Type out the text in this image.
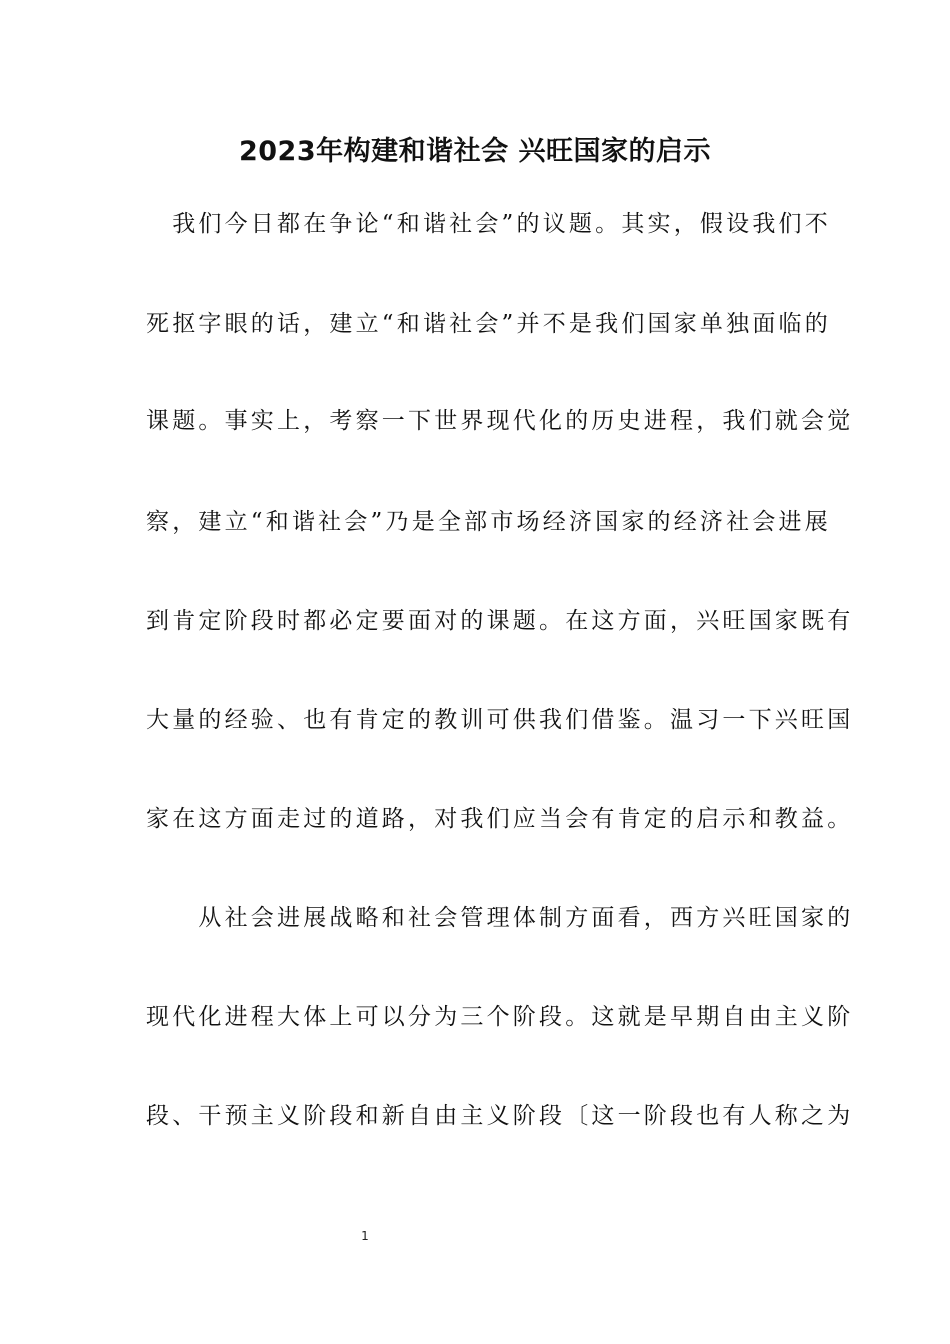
2023年构建和谐社会 兴旺国家的启示
　我们今日都在争论“和谐社会”的议题。其实，假设我们不
死抠字眼的话，建立“和谐社会”并不是我们国家单独面临的
课题。事实上，考察一下世界现代化的历史进程，我们就会觉
察，建立“和谐社会”乃是全部市场经济国家的经济社会进展
到肯定阶段时都必定要面对的课题。在这方面，兴旺国家既有
大量的经验、也有肯定的教训可供我们借鉴。温习一下兴旺国
家在这方面走过的道路，对我们应当会有肯定的启示和教益。
　　从社会进展战略和社会管理体制方面看，西方兴旺国家的
现代化进程大体上可以分为三个阶段。这就是早期自由主义阶
段、干预主义阶段和新自由主义阶段〔这一阶段也有人称之为
1
